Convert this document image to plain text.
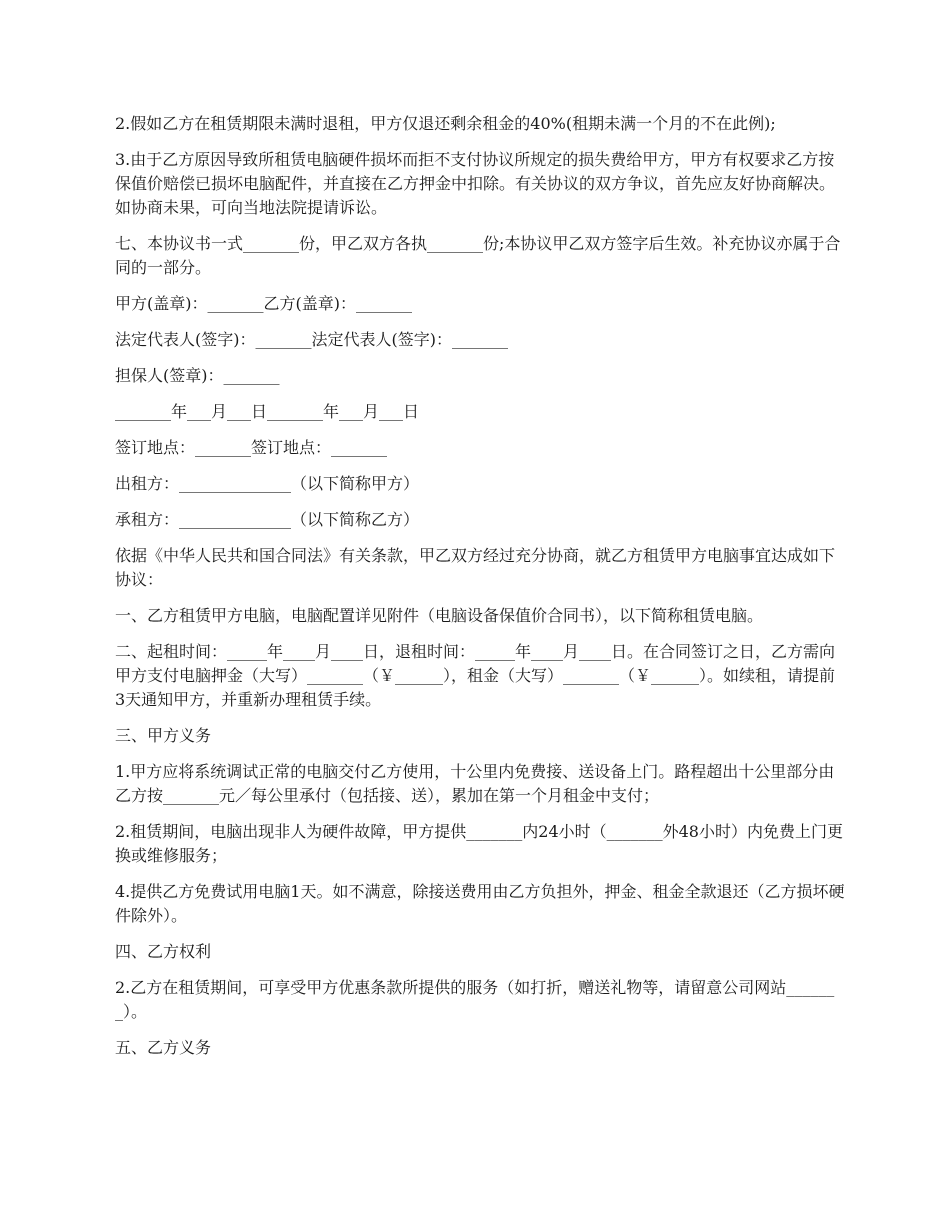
2.假如乙方在租赁期限未满时退租，甲方仅退还剩余租金的40%(租期未满一个月的不在此例);

3.由于乙方原因导致所租赁电脑硬件损坏而拒不支付协议所规定的损失费给甲方，甲方有权要求乙方按保值价赔偿已损坏电脑配件，并直接在乙方押金中扣除。有关协议的双方争议，首先应友好协商解决。如协商未果，可向当地法院提请诉讼。

七、本协议书一式_______份，甲乙双方各执_______份;本协议甲乙双方签字后生效。补充协议亦属于合同的一部分。

甲方(盖章)：_______乙方(盖章)：_______

法定代表人(签字)：_______法定代表人(签字)：_______

担保人(签章)：_______

_______年___月___日_______年___月___日

签订地点：_______签订地点：_______

出租方：______________（以下简称甲方）

承租方：______________（以下简称乙方）

依据《中华人民共和国合同法》有关条款，甲乙双方经过充分协商，就乙方租赁甲方电脑事宜达成如下协议：

一、乙方租赁甲方电脑，电脑配置详见附件（电脑设备保值价合同书），以下简称租赁电脑。

二、起租时间：_____年____月____日，退租时间：_____年____月____日。在合同签订之日，乙方需向甲方支付电脑押金（大写）_______（￥______），租金（大写）_______（￥______）。如续租，请提前3天通知甲方，并重新办理租赁手续。

三、甲方义务

1.甲方应将系统调试正常的电脑交付乙方使用，十公里内免费接、送设备上门。路程超出十公里部分由乙方按_______元／每公里承付（包括接、送），累加在第一个月租金中支付；

2.租赁期间，电脑出现非人为硬件故障，甲方提供_______内24小时（_______外48小时）内免费上门更换或维修服务；

4.提供乙方免费试用电脑1天。如不满意，除接送费用由乙方负担外，押金、租金全款退还（乙方损坏硬件除外）。

四、乙方权利

2.乙方在租赁期间，可享受甲方优惠条款所提供的服务（如打折，赠送礼物等，请留意公司网站_______）。

五、乙方义务
